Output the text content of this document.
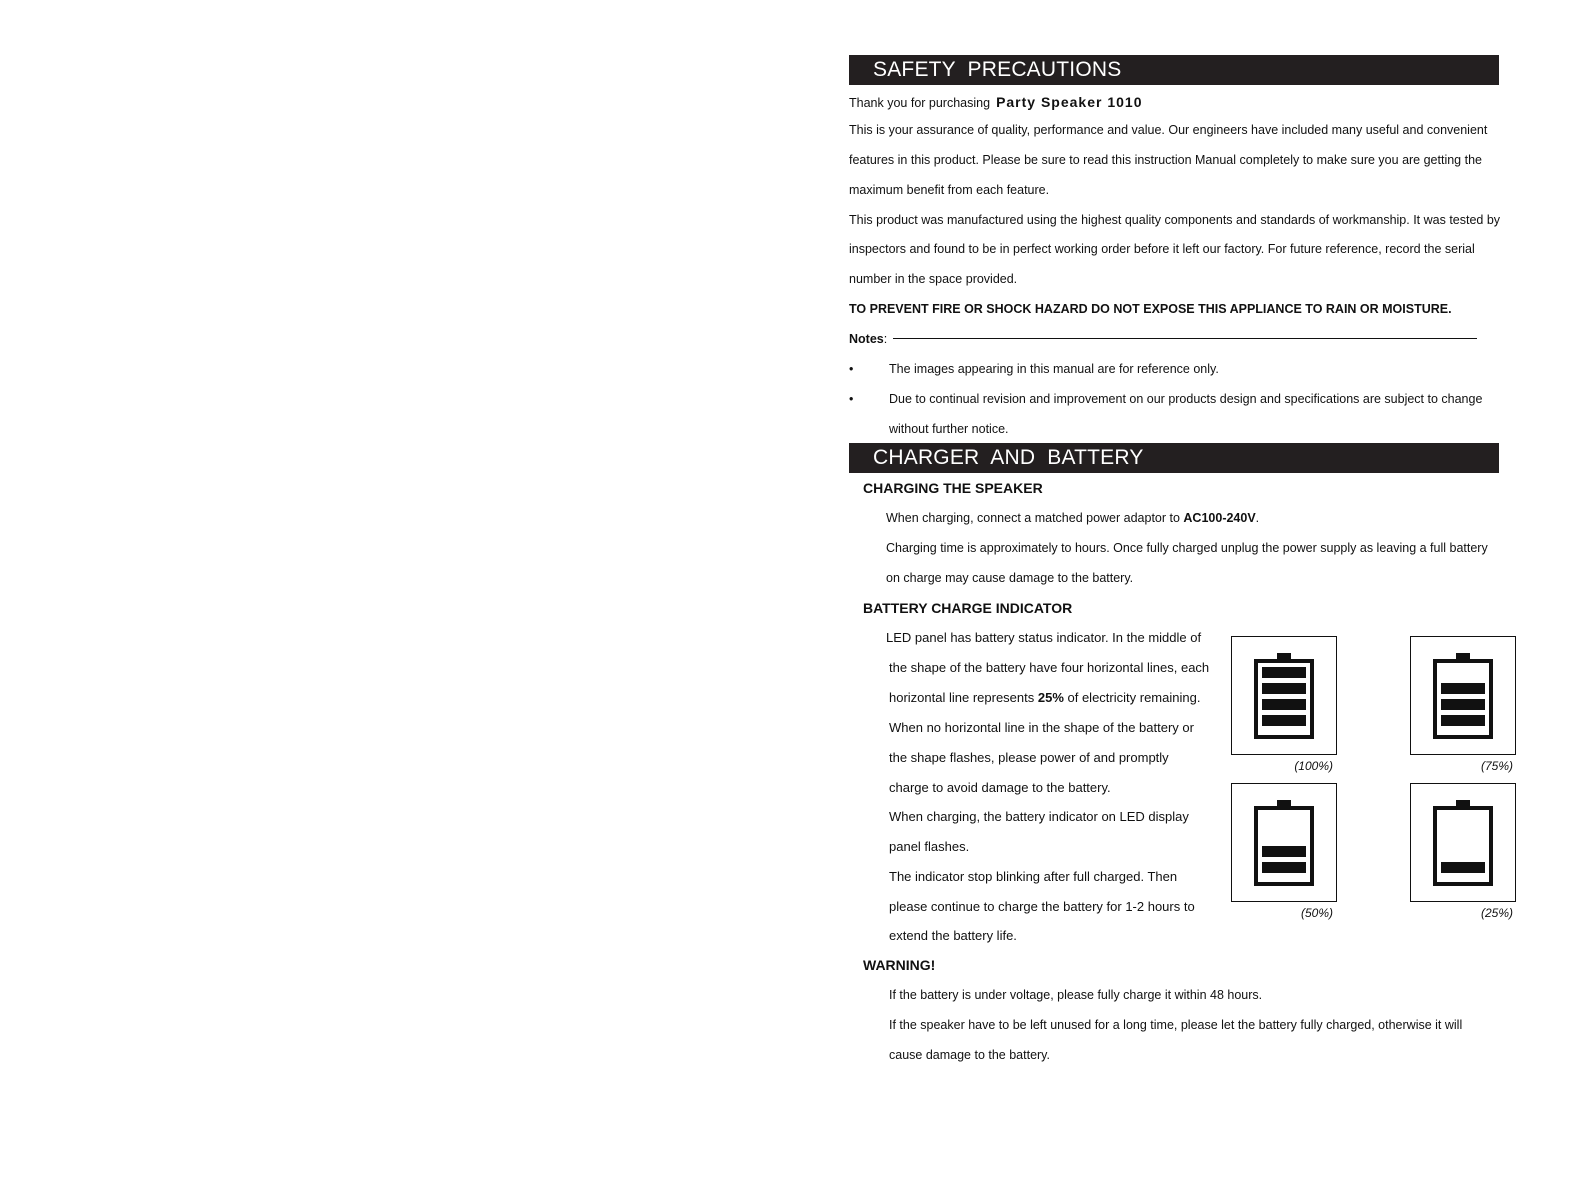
SAFETY PRECAUTIONS
Thank you for purchasing Party Speaker 1010
This is your assurance of quality, performance and value. Our engineers have included many useful and convenient
features in this product. Please be sure to read this instruction Manual completely to make sure you are getting the
maximum benefit from each feature.
This product was manufactured using the highest quality components and standards of workmanship. It was tested by
inspectors and found to be in perfect working order before it left our factory. For future reference, record the serial
number in the space provided.
TO PREVENT FIRE OR SHOCK HAZARD DO NOT EXPOSE THIS APPLIANCE TO RAIN OR MOISTURE.
Notes:
•	The images appearing in this manual are for reference only.
•	Due to continual revision and improvement on our products design and specifications are subject to change
without further notice.
CHARGER AND BATTERY
CHARGING THE SPEAKER
When charging, connect a matched power adaptor to AC100-240V.
Charging time is approximately to hours. Once fully charged unplug the power supply as leaving a full battery
on charge may cause damage to the battery.
BATTERY CHARGE INDICATOR
LED panel has battery status indicator. In the middle of
the shape of the battery have four horizontal lines, each
horizontal line represents 25% of electricity remaining.
When no horizontal line in the shape of the battery or
the shape flashes, please power of and promptly
charge to avoid damage to the battery.
When charging, the battery indicator on LED display
panel flashes.
The indicator stop blinking after full charged. Then
please continue to charge the battery for 1-2 hours to
extend the battery life.
(100%)	(75%)
(50%)	(25%)
WARNING!
If the battery is under voltage, please fully charge it within 48 hours.
If the speaker have to be left unused for a long time, please let the battery fully charged, otherwise it will
cause damage to the battery.
